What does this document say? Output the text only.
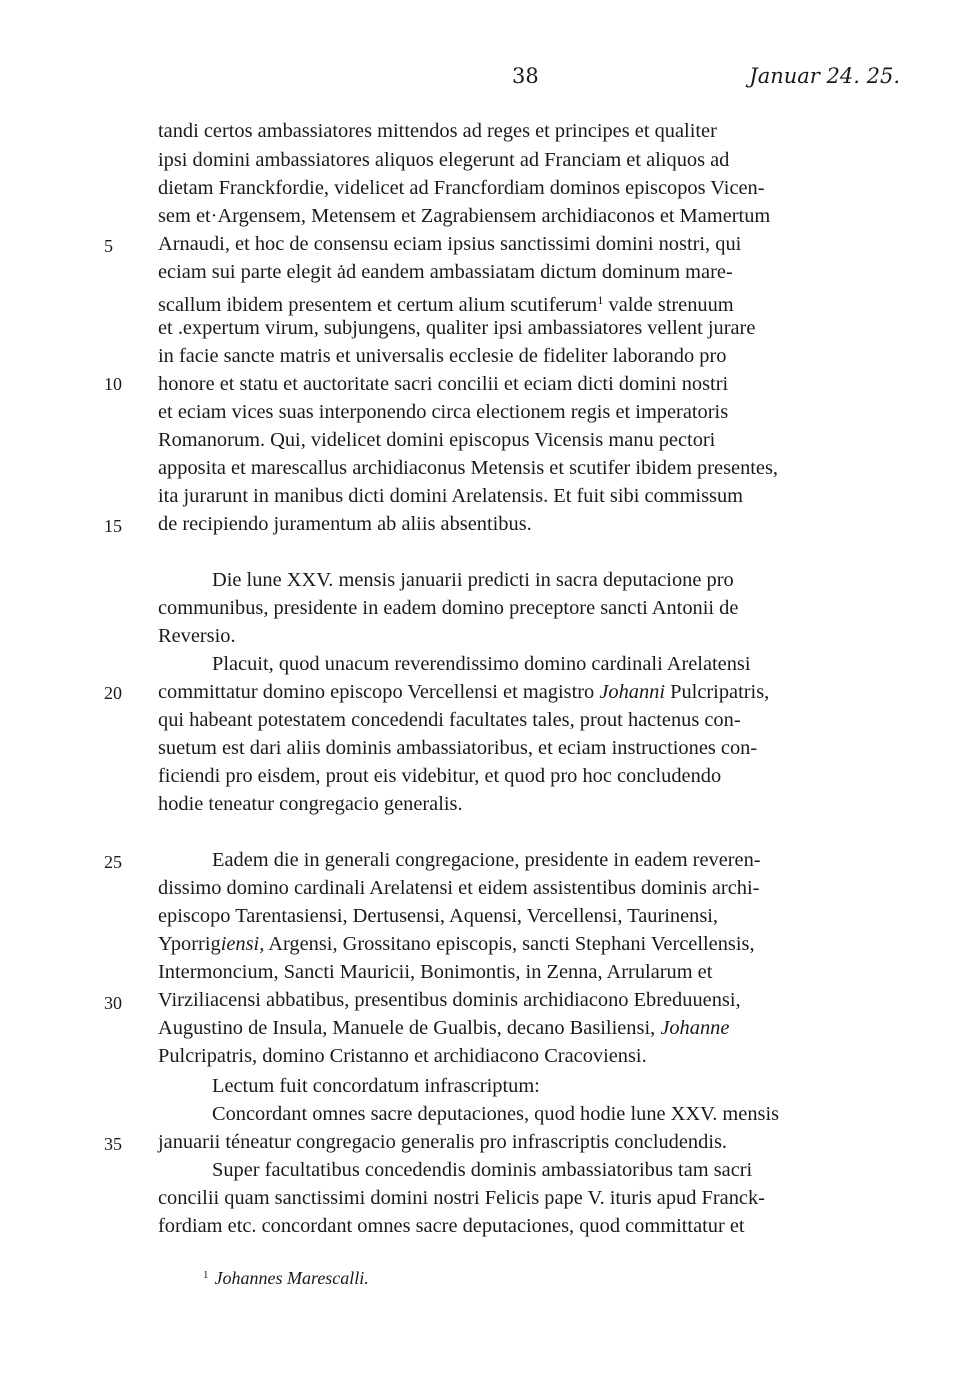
38	Januar 24. 25.
5
10
15
20
25
30
35
tandi certos ambassiatores mittendos ad reges et principes et qualiter
ipsi domini ambassiatores aliquos elegerunt ad Franciam et aliquos ad
dietam Franckfordie, videlicet ad Francfordiam dominos episcopos Vicen-
sem et·Argensem, Metensem et Zagrabiensem archidiaconos et Mamertum
Arnaudi, et hoc de consensu eciam ipsius sanctissimi domini nostri, qui
eciam sui parte elegit ȧd eandem ambassiatam dictum dominum mare-
scallum ibidem presentem et certum alium scutiferum$^1$ valde strenuum
et .expertum virum, subjungens, qualiter ipsi ambassiatores vellent jurare
in facie sancte matris et universalis ecclesie de fideliter laborando pro
honore et statu et auctoritate sacri concilii et eciam dicti domini nostri
et eciam vices suas interponendo circa electionem regis et imperatoris
Romanorum. Qui, videlicet domini episcopus Vicensis manu pectori
apposita et marescallus archidiaconus Metensis et scutifer ibidem presentes,
ita jurarunt in manibus dicti domini Arelatensis. Et fuit sibi commissum
de recipiendo juramentum ab aliis absentibus.
Die lune XXV. mensis januarii predicti in sacra deputacione pro
communibus, presidente in eadem domino preceptore sancti Antonii de
Reversio.
Placuit, quod unacum reverendissimo domino cardinali Arelatensi
committatur domino episcopo Vercellensi et magistro Johanni Pulcripatris,
qui habeant potestatem concedendi facultates tales, prout hactenus con-
suetum est dari aliis dominis ambassiatoribus, et eciam instructiones con-
ficiendi pro eisdem, prout eis videbitur, et quod pro hoc concludendo
hodie teneatur congregacio generalis.
Eadem die in generali congregacione, presidente in eadem reveren-
dissimo domino cardinali Arelatensi et eidem assistentibus dominis archi-
episcopo Tarentasiensi, Dertusensi, Aquensi, Vercellensi, Taurinensi,
Yporrigiensi, Argensi, Grossitano episcopis, sancti Stephani Vercellensis,
Intermoncium, Sancti Mauricii, Bonimontis, in Zenna, Arrularum et
Virziliacensi abbatibus, presentibus dominis archidiacono Ebreduuensi,
Augustino de Insula, Manuele de Gualbis, decano Basiliensi, Johanne
Pulcripatris, domino Cristanno et archidiacono Cracoviensi.
Lectum fuit concordatum infrascriptum:
Concordant omnes sacre deputaciones, quod hodie lune XXV. mensis
januarii téneatur congregacio generalis pro infrascriptis concludendis.
Super facultatibus concedendis dominis ambassiatoribus tam sacri
concilii quam sanctissimi domini nostri Felicis pape V. ituris apud Franck-
fordiam etc. concordant omnes sacre deputaciones, quod committatur et
$^1$ Johannes Marescalli.
